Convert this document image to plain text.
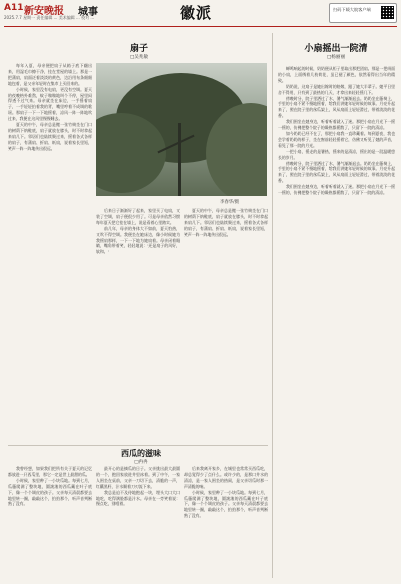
A11 新安晚报 城事
2025.7.7 星期一 责任编辑 ... 美术编辑 ... 校对 ...	徽派	扫码下载大皖客户端
扇子
□吴兆敏

每年入夏，母亲便把扇子从箱子底下翻出来，用湿毛巾擦干净，挂在堂屋的墙上。那是一把蒲扇，扇面泛着淡淡的黄色，边沿用布条细细地包着，是父亲年轻时在集市上买回来的。

小时候，家里没有电扇，更没有空调。夏天的夜晚格外难熬，蚊子嗡嗡地叫个不停，屋里闷得透不过气来。母亲就坐在床边，一手摇着扇子，一手轻轻拍着我的背，嘴里哼着不成调的歌谣。那扇子一下一下地摇着，凉风一阵一阵地吹过来，我便在这风里慢慢睡去。

夏天的中午，母亲总是搬一张竹椅坐在门口的树荫下纳鞋底，扇子就放在膝头，时不时拿起来扇几下。邻居们也陆续聚过来，摇着各式各样的扇子，有蒲扇、折扇、纸扇，说着家长里短，笑声一阵一阵地传出很远。

李春华/摄

后来日子渐渐好了起来，家里买了电扇，又装了空调，扇子便很少用了。可是母亲依然习惯每年夏天把它挂在墙上，说是看着心里踏实。

前几年，母亲的身体大不如前，夏天怕热，又吹不得空调。我便坐在她床边，像小时候她为我摇扇那样，一下一下地为她扇着。母亲闭着眼睛，嘴角带着笑，轻轻地说：'还是扇子的风好，软和。'

夏天的中午，母亲总是搬一张竹椅坐在门口的树荫下纳鞋底，扇子就放在膝头，时不时拿起来扇几下。邻居们也陆续聚过来，摇着各式各样的扇子，有蒲扇、折扇、纸扇，说着家长里短，笑声一阵一阵地传出很远。

小扇摇出一院清
□杨丽丽

蝉鸣响起的时候，奶奶便从柜子里取出那把团扇。那是一把绢面的小扇，上面绣着几枝荷花，虽已褪了颜色，依然看得出当年的精致。

奶奶说，这扇子是她出嫁时的陪嫁，跟了她大半辈子。她平日里舍不得用，只有到了最热的几天，才拿出来轻轻摇几下。

傍晚时分，院子里洒过了水，暑气渐渐退去。奶奶坐在藤椅上，手里的小扇不紧不慢地摇着，给我们讲她年轻时候的故事。月亮升起来了，照在院子里的丝瓜架上，风从扇面上轻轻滑过，带着淡淡的花香。

我们围坐在她身边，听着听着就入了迷。那把小扇在月光下一摇一摇的，仿佛把整个院子的燥热都摇散了，只留下一院的清凉。

如今奶奶已经不在了，那把小扇我一直珍藏着。每到夏夜，我也会学着奶奶的样子，坐在窗前轻轻摇着它，仿佛又听见了她的声音，看见了那一院的月光。

一把小扇，摇走的是暑热，摇来的是清凉，摇出的是一段温暖悠长的岁月。

傍晚时分，院子里洒过了水，暑气渐渐退去。奶奶坐在藤椅上，手里的小扇不紧不慢地摇着，给我们讲她年轻时候的故事。月亮升起来了，照在院子里的丝瓜架上，风从扇面上轻轻滑过，带着淡淡的花香。

我们围坐在她身边，听着听着就入了迷。那把小扇在月光下一摇一摇的，仿佛把整个院子的燥热都摇散了，只留下一院的清凉。

西瓜的滋味
□冉冉

我曾经想，如果我们把所有关于夏天的记忆都放进一只西瓜里，那它一定是世上最甜的瓜。

小时候，家里种了一小块瓜地。每到七月，瓜藤爬满了整块地，圆滚滚的西瓜藏在叶子底下，像一个个调皮的孩子。父亲每天清晨都要去地里转一圈，敲敲这个，拍拍那个，听声音判断熟了没有。

最开心的是摘瓜的日子。父亲挑出最大最圆的一个，抱回家放进井里冰着。到了中午，一家人围坐在桌前，父亲一刀切下去，清脆的一声，红瓤黑籽，汁水顺着刀刃流下来。

我总是迫不及待地抱起一块，埋头大口大口地吃，吃得满脸都是汁水。母亲在一旁笑着说：慢点吃，别噎着。

后来我离开家乡，在城里也常常买西瓜吃，却总觉得少了点什么。或许少的，是那口井水的清凉，是一家人围坐的热闹，是父亲切瓜时那一声清脆的响。

小时候，家里种了一小块瓜地。每到七月，瓜藤爬满了整块地，圆滚滚的西瓜藏在叶子底下，像一个个调皮的孩子。父亲每天清晨都要去地里转一圈，敲敲这个，拍拍那个，听声音判断熟了没有。
